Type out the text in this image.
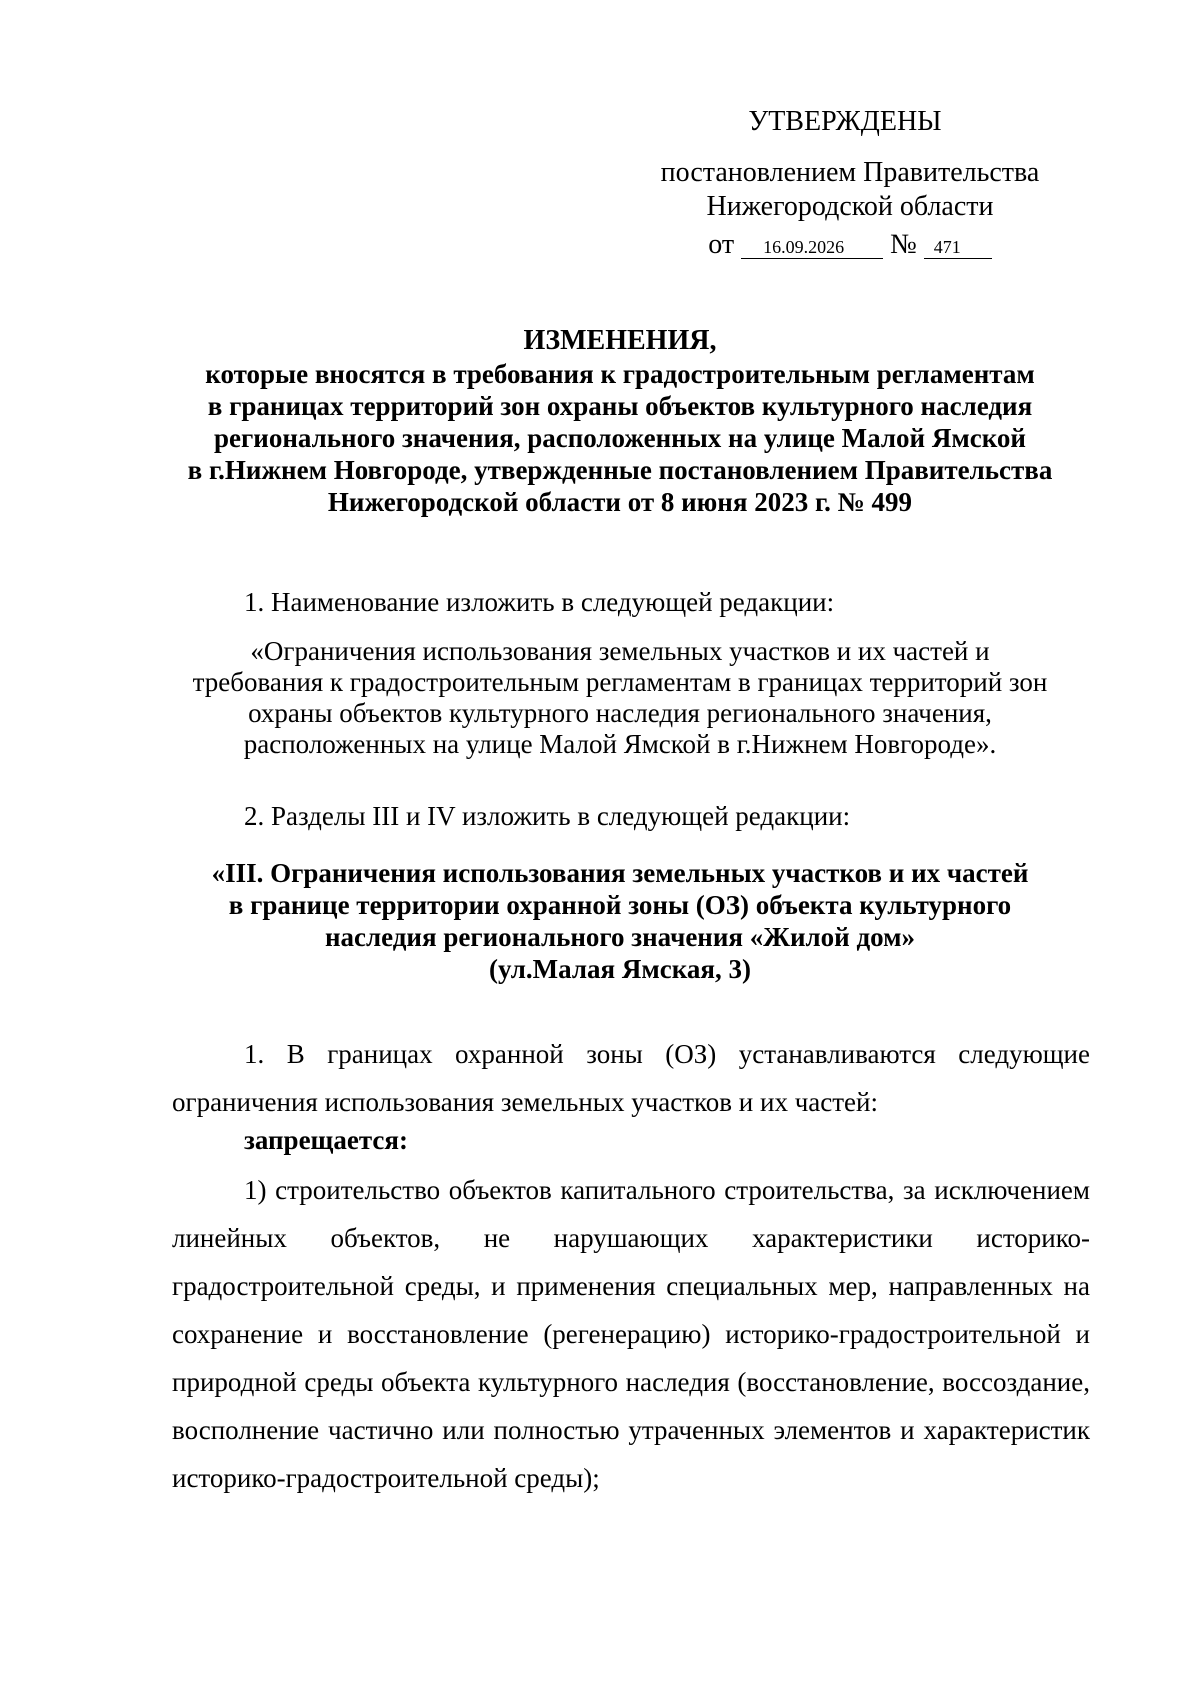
УТВЕРЖДЕНЫ
постановлением Правительства
Нижегородской области
от 16.09.2026 № 471
ИЗМЕНЕНИЯ,
которые вносятся в требования к градостроительным регламентам
в границах территорий зон охраны объектов культурного наследия
регионального значения, расположенных на улице Малой Ямской
в г.Нижнем Новгороде, утвержденные постановлением Правительства
Нижегородской области от 8 июня 2023 г. № 499
1. Наименование изложить в следующей редакции:
«Ограничения использования земельных участков и их частей и
требования к градостроительным регламентам в границах территорий зон
охраны объектов культурного наследия регионального значения,
расположенных на улице Малой Ямской в г.Нижнем Новгороде».
2. Разделы III и IV изложить в следующей редакции:
«III. Ограничения использования земельных участков и их частей
в границе территории охранной зоны (ОЗ) объекта культурного
наследия регионального значения «Жилой дом»
(ул.Малая Ямская, 3)
1. В границах охранной зоны (ОЗ) устанавливаются следующие ограничения использования земельных участков и их частей:
запрещается:
1) строительство объектов капитального строительства, за исключением линейных объектов, не нарушающих характеристики историко-градостроительной среды, и применения специальных мер, направленных на сохранение и восстановление (регенерацию) историко-градостроительной и природной среды объекта культурного наследия (восстановление, воссоздание, восполнение частично или полностью утраченных элементов и характеристик историко-градостроительной среды);
